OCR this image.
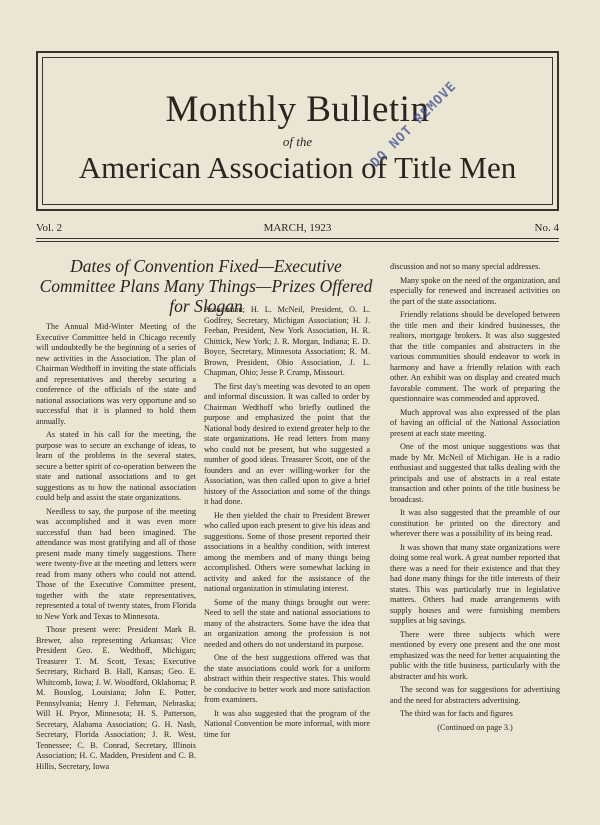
Monthly Bulletin
of the
American Association of Title Men
DO NOT REMOVE
Vol. 2	MARCH, 1923	No. 4
Dates of Convention Fixed—Executive Committee Plans Many Things—Prizes Offered for Slogan

The Annual Mid-Winter Meeting of the Executive Committee held in Chicago recently will undoubtedly be the beginning of a series of new activities in the Association. The plan of Chairman Wedthoff in inviting the state officials and representatives and thereby securing a conference of the officials of the state and national associations was very opportune and so successful that it is planned to hold them annually.

As stated in his call for the meeting, the purpose was to secure an exchange of ideas, to learn of the problems in the several states, secure a better spirit of co-operation between the state and national associations and to get suggestions as to how the national association could help and assist the state organizations.

Needless to say, the purpose of the meeting was accomplished and it was even more successful than had been imagined. The attendance was most gratifying and all of those present made many timely suggestions. There were twenty-five at the meeting and letters were read from many others who could not attend. Those of the Executive Committee present, together with the state representatives, represented a total of twenty states, from Florida to New York and Texas to Minnesota.

Those present were: President Mark B. Brewer, also representing Arkansas; Vice President Geo. E. Wedthoff, Michigan; Treasurer T. M. Scott, Texas; Executive Secretary, Richard B. Hall, Kansas; Geo. E. Whitcomb, Iowa; J. W. Woodford, Oklahoma; P. M. Bouslog, Louisiana; John E. Potter, Pennsylvania; Henry J. Fehrman, Nebraska; Will H. Pryor, Minnesota; H. S. Patterson, Secretary, Alabama Association; G. H. Nash, Secretary, Florida Association; J. R. West, Tennessee; C. B. Conrad, Secretary, Illinois Association; H. C. Madden, President and C. B. Hillis, Secretary, Iowa

Association; H. L. McNeil, President, O. L. Godfrey, Secretary, Michigan Association; H. J. Feehan, President, New York Association, H. R. Chittick, New York; J. R. Morgan, Indiana; E. D. Boyce, Secretary, Minnesota Association; R. M. Brown, President, Ohio Association, J. L. Chapman, Ohio; Jesse P. Crump, Missouri.

The first day's meeting was devoted to an open and informal discussion. It was called to order by Chairman Wedthoff who briefly outlined the purpose and emphasized the point that the National body desired to extend greater help to the state organizations. He read letters from many who could not be present, but who suggested a number of good ideas. Treasurer Scott, one of the founders and an ever willing-worker for the Association, was then called upon to give a brief history of the Association and some of the things it had done.

He then yielded the chair to President Brewer who called upon each present to give his ideas and suggestions. Some of those present reported their associations in a healthy condition, with interest among the members and of many things being accomplished. Others were somewhat lacking in activity and asked for the assistance of the national organization in stimulating interest.

Some of the many things brought out were: Need to sell the state and national associations to many of the abstracters. Some have the idea that an organization among the profession is not needed and others do not understand its purpose.

One of the best suggestions offered was that the state associations could work for a uniform abstract within their respective states. This would be conducive to better work and more satisfaction from examiners.

It was also suggested that the program of the National Convention be more informal, with more time for

discussion and not so many special addresses.

Many spoke on the need of the organization, and especially for renewed and increased activities on the part of the state associations.

Friendly relations should be developed between the title men and their kindred businesses, the realtors, mortgage brokers. It was also suggested that the title companies and abstracters in the various communities should endeavor to work in harmony and have a friendly relation with each other. An exhibit was on display and created much favorable comment. The work of preparing the questionnaire was commended and approved.

Much approval was also expressed of the plan of having an official of the National Association present at each state meeting.

One of the most unique suggestions was that made by Mr. McNeil of Michigan. He is a radio enthusiast and suggested that talks dealing with the principals and use of abstracts in a real estate transaction and other points of the title business be broadcast.

It was also suggested that the preamble of our constitution be printed on the directory and wherever there was a possibility of its being read.

It was shown that many state organizations were doing some real work. A great number reported that there was a need for their existence and that they had done many things for the title interests of their states. This was particularly true in legislative matters. Others had made arrangements with supply houses and were furnishing members supplies at big savings.

There were three subjects which were mentioned by every one present and the one most emphasized was the need for better acquainting the public with the title business, particularly with the abstracter and his work.

The second was for suggestions for advertising and the need for abstracters advertising.

The third was for facts and figures

(Continued on page 3.)
